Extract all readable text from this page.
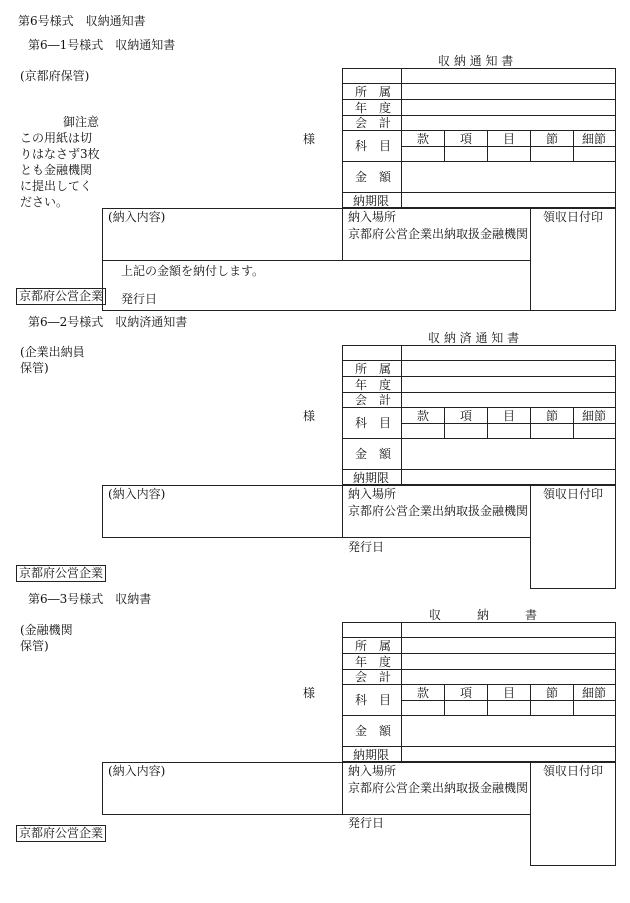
第6号様式　収納通知書
第6―1号様式　収納通知書
収 納 通 知 書
(京都府保管)
御注意
この用紙は切
りはなさず3枚
とも金融機関
に提出してく
ださい。
様
所　属
年　度
会　計
科　目
金　額
納期限
款	項	目	節 細節
(納入内容)	納入場所
京都府公営企業出納取扱金融機関
領収日付印
上記の金額を納付します。
発行日
京都府公営企業
第6―2号様式　収納済通知書
収 納 済 通 知 書
(企業出納員
保管)
様
所　属
年　度
会　計
科　目
金　額
納期限
款	項	目	節 細節
(納入内容)	納入場所
京都府公営企業出納取扱金融機関
領収日付印
発行日
京都府公営企業
第6―3号様式　収納書
収　　　納　　　書
(金融機関
保管)
様
所　属
年　度
会　計
科　目
金　額
納期限
款	項	目	節 細節
(納入内容)	納入場所
京都府公営企業出納取扱金融機関
領収日付印
発行日
京都府公営企業
